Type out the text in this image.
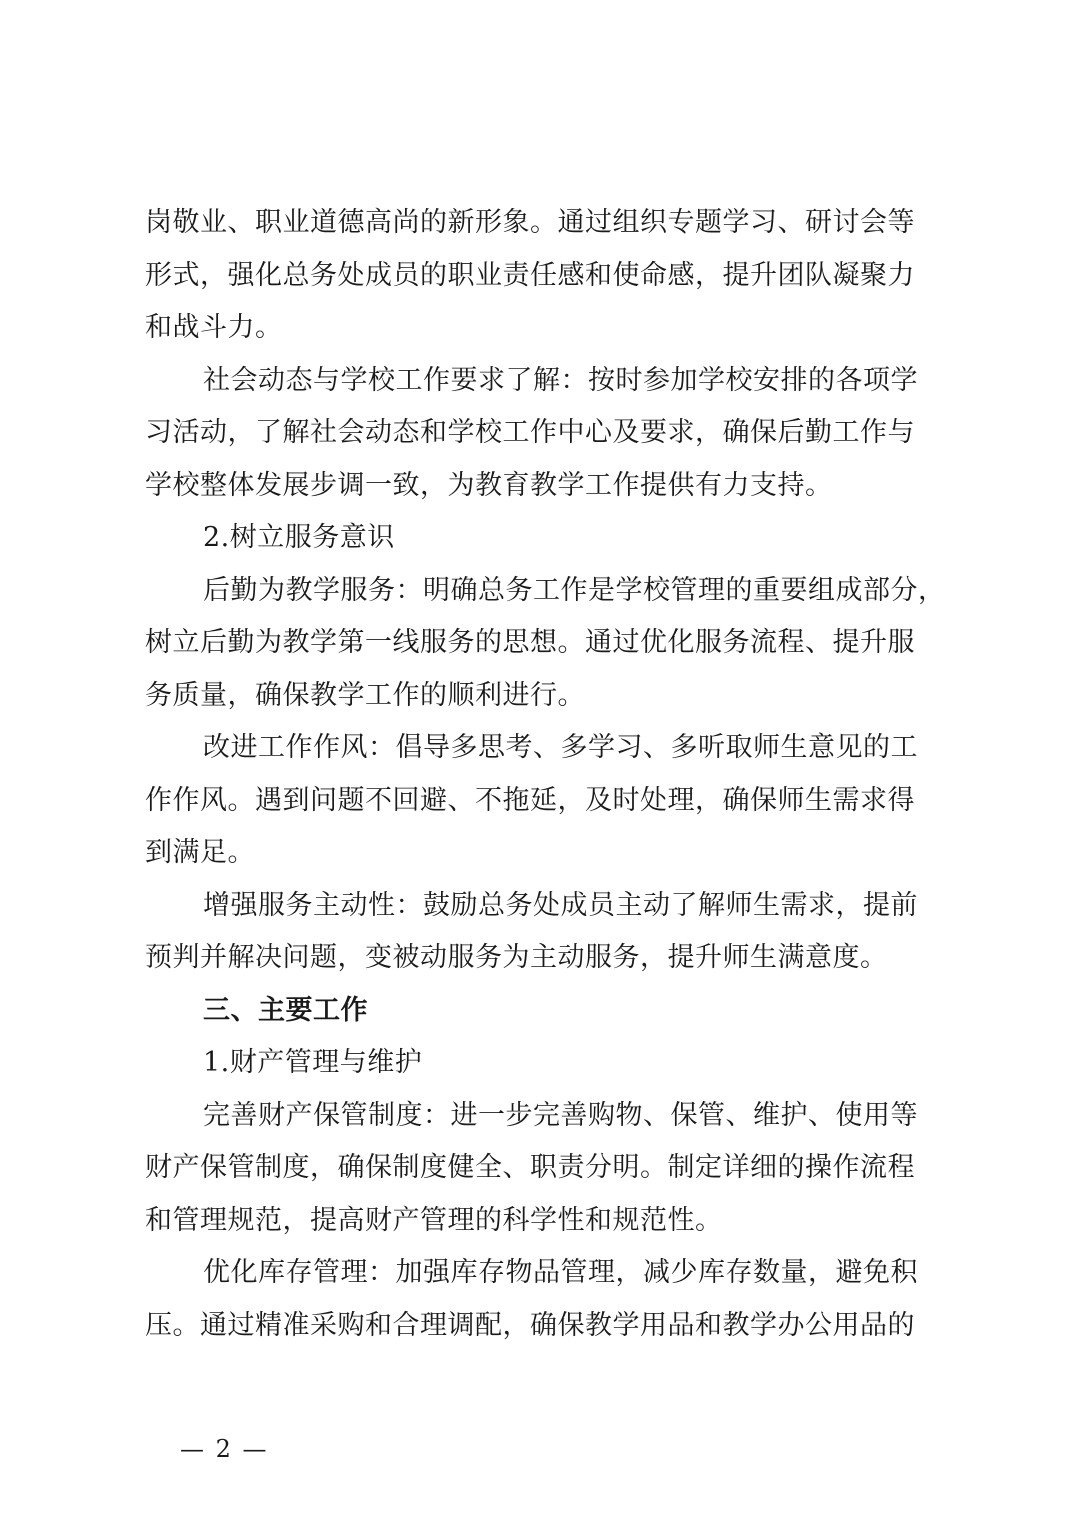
岗敬业、职业道德高尚的新形象。通过组织专题学习、研讨会等
形式，强化总务处成员的职业责任感和使命感，提升团队凝聚力
和战斗力。
社会动态与学校工作要求了解：按时参加学校安排的各项学
习活动，了解社会动态和学校工作中心及要求，确保后勤工作与
学校整体发展步调一致，为教育教学工作提供有力支持。
2.树立服务意识
后勤为教学服务：明确总务工作是学校管理的重要组成部分，
树立后勤为教学第一线服务的思想。通过优化服务流程、提升服
务质量，确保教学工作的顺利进行。
改进工作作风：倡导多思考、多学习、多听取师生意见的工
作作风。遇到问题不回避、不拖延，及时处理，确保师生需求得
到满足。
增强服务主动性：鼓励总务处成员主动了解师生需求，提前
预判并解决问题，变被动服务为主动服务，提升师生满意度。
三、主要工作
1.财产管理与维护
完善财产保管制度：进一步完善购物、保管、维护、使用等
财产保管制度，确保制度健全、职责分明。制定详细的操作流程
和管理规范，提高财产管理的科学性和规范性。
优化库存管理：加强库存物品管理，减少库存数量，避免积
压。通过精准采购和合理调配，确保教学用品和教学办公用品的
— 2 —
